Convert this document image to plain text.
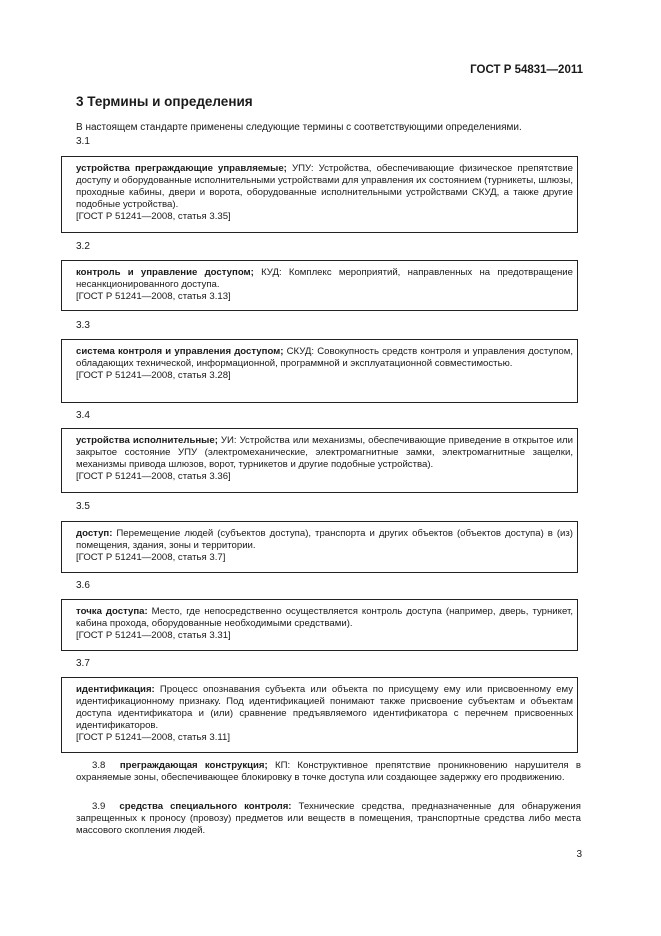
ГОСТ Р 54831—2011
3 Термины и определения

В настоящем стандарте применены следующие термины с соответствующими определениями.

3.1
устройства преграждающие управляемые; УПУ: Устройства, обеспечивающие физическое препятствие доступу и оборудованные исполнительными устройствами для управления их состоянием (турникеты, шлюзы, проходные кабины, двери и ворота, оборудованные исполнительными устройствами СКУД, а также другие подобные устройства).
[ГОСТ Р 51241—2008, статья 3.35]
3.2
контроль и управление доступом; КУД: Комплекс мероприятий, направленных на предотвращение несанкционированного доступа.
[ГОСТ Р 51241—2008, статья 3.13]
3.3
система контроля и управления доступом; СКУД: Совокупность средств контроля и управления доступом, обладающих технической, информационной, программной и эксплуатационной совместимостью.
[ГОСТ Р 51241—2008, статья 3.28]
3.4
устройства исполнительные; УИ: Устройства или механизмы, обеспечивающие приведение в открытое или закрытое состояние УПУ (электромеханические, электромагнитные замки, электромагнитные защелки, механизмы привода шлюзов, ворот, турникетов и другие подобные устройства).
[ГОСТ Р 51241—2008, статья 3.36]
3.5
доступ: Перемещение людей (субъектов доступа), транспорта и других объектов (объектов доступа) в (из) помещения, здания, зоны и территории.
[ГОСТ Р 51241—2008, статья 3.7]
3.6
точка доступа: Место, где непосредственно осуществляется контроль доступа (например, дверь, турникет, кабина прохода, оборудованные необходимыми средствами).
[ГОСТ Р 51241—2008, статья 3.31]
3.7
идентификация: Процесс опознавания субъекта или объекта по присущему ему или присвоенному ему идентификационному признаку. Под идентификацией понимают также присвоение субъектам и объектам доступа идентификатора и (или) сравнение предъявляемого идентификатора с перечнем присвоенных идентификаторов.
[ГОСТ Р 51241—2008, статья 3.11]

3.8 преграждающая конструкция; КП: Конструктивное препятствие проникновению нарушителя в охраняемые зоны, обеспечивающее блокировку в точке доступа или создающее задержку его продвижению.

3.9 средства специального контроля: Технические средства, предназначенные для обнаружения запрещенных к проносу (провозу) предметов или веществ в помещения, транспортные средства либо места массового скопления людей.

3
